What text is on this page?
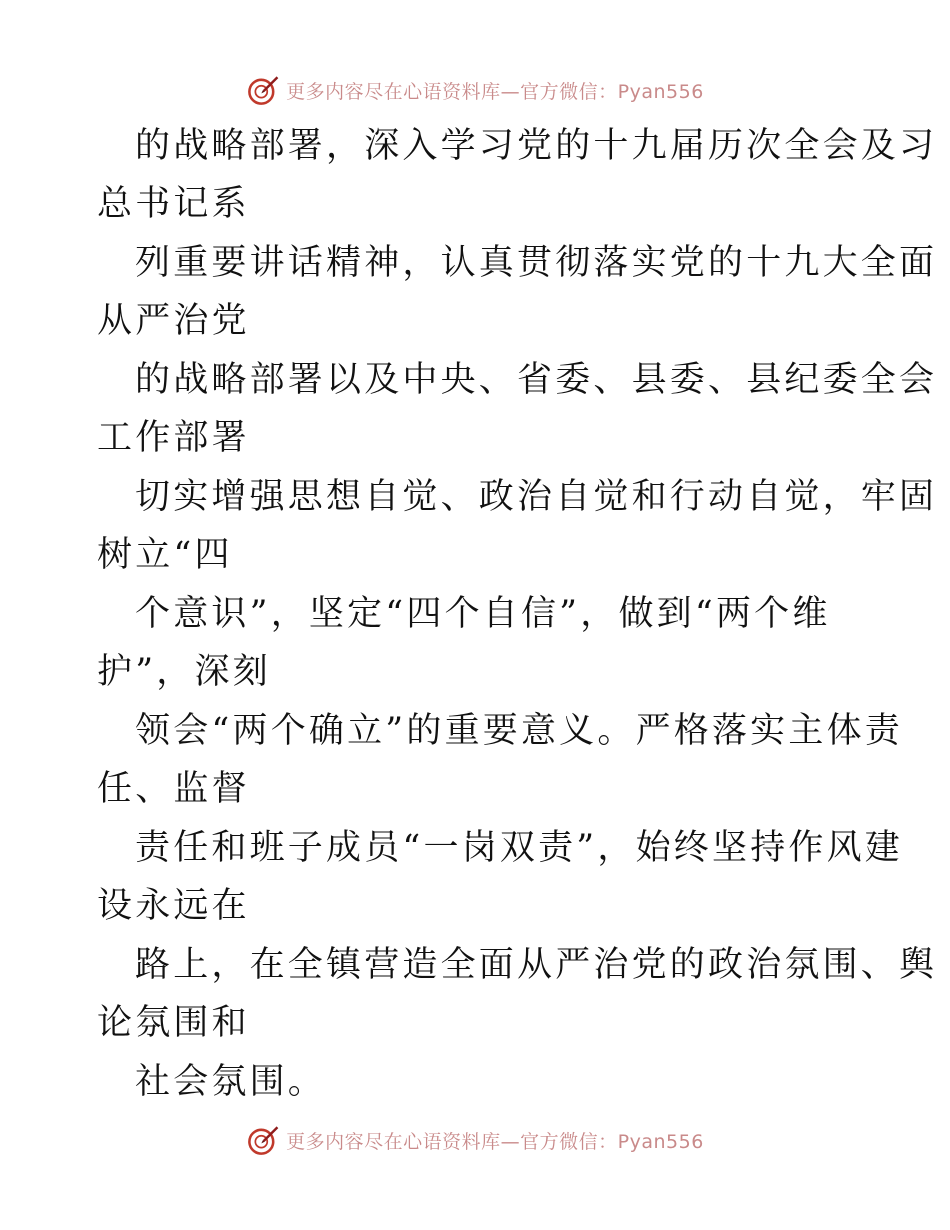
更多内容尽在心语资料库—官方微信：Pyan556
的战略部署，深入学习党的十九届历次全会及习
总书记系
列重要讲话精神，认真贯彻落实党的十九大全面
从严治党
的战略部署以及中央、省委、县委、县纪委全会
工作部署
切实增强思想自觉、政治自觉和行动自觉，牢固
树立“四
个意识”，坚定“四个自信”，做到“两个维
护”，深刻
领会“两个确立”的重要意义。严格落实主体责
任、监督
责任和班子成员“一岗双责”，始终坚持作风建
设永远在
路上，在全镇营造全面从严治党的政治氛围、舆
论氛围和
社会氛围。
更多内容尽在心语资料库—官方微信：Pyan556
